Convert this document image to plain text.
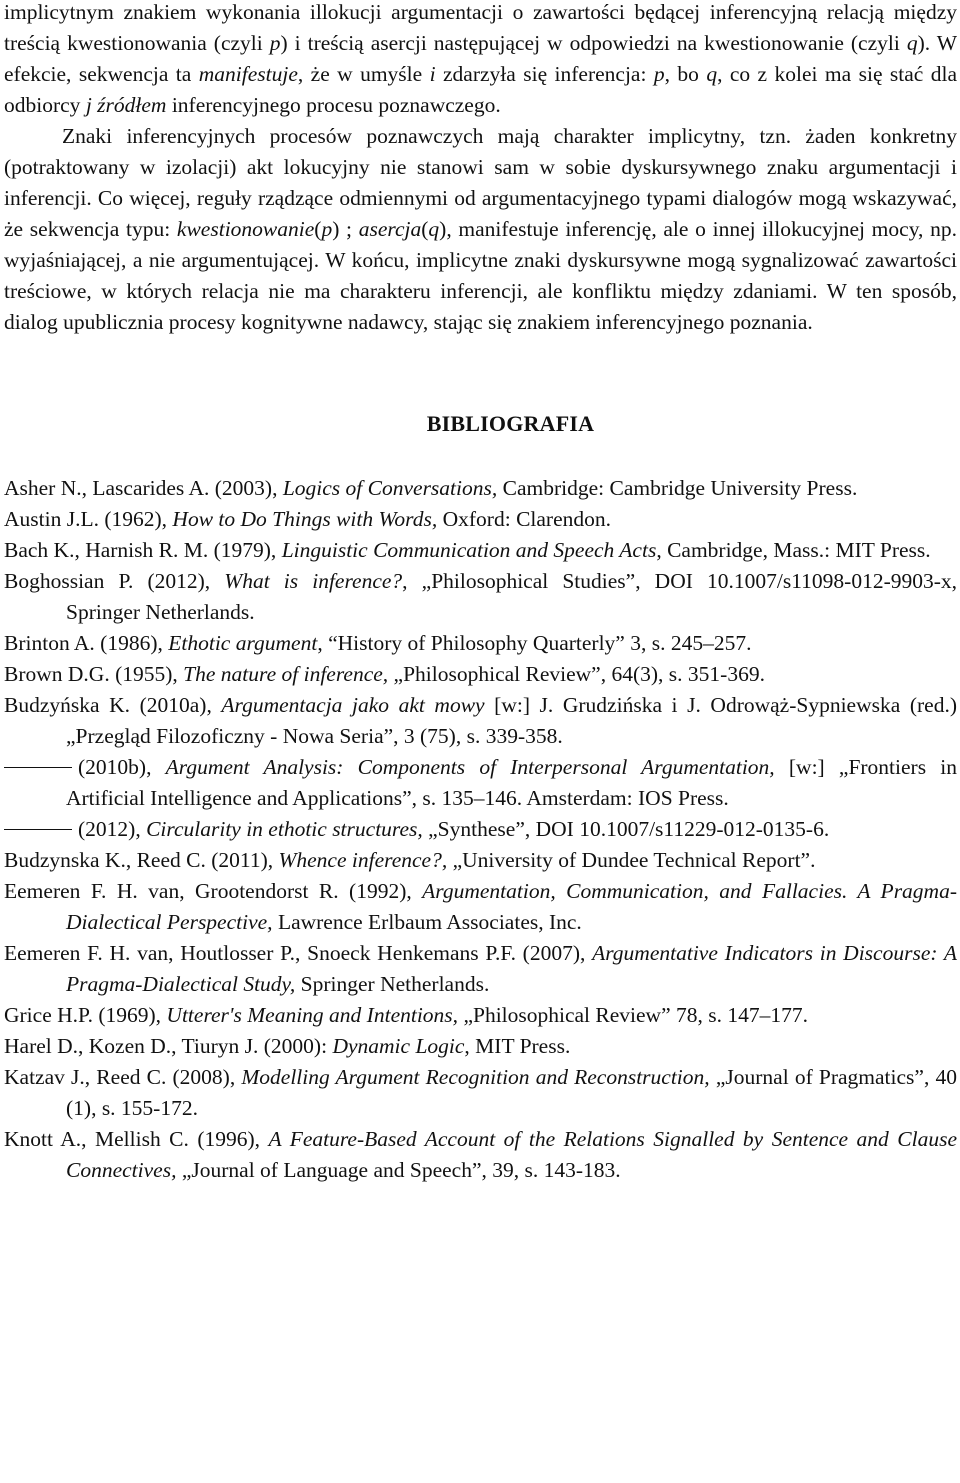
implicytnym znakiem wykonania illokucji argumentacji o zawartości będącej inferencyjną relacją między treścią kwestionowania (czyli p) i treścią asercji następującej w odpowiedzi na kwestionowanie (czyli q). W efekcie, sekwencja ta manifestuje, że w umyśle i zdarzyła się inferencja: p, bo q, co z kolei ma się stać dla odbiorcy j źródłem inferencyjnego procesu poznawczego.

Znaki inferencyjnych procesów poznawczych mają charakter implicytny, tzn. żaden konkretny (potraktowany w izolacji) akt lokucyjny nie stanowi sam w sobie dyskursywnego znaku argumentacji i inferencji. Co więcej, reguły rządzące odmiennymi od argumentacyjnego typami dialogów mogą wskazywać, że sekwencja typu: kwestionowanie(p) ; asercja(q), manifestuje inferencję, ale o innej illokucyjnej mocy, np. wyjaśniającej, a nie argumentującej. W końcu, implicytne znaki dyskursywne mogą sygnalizować zawartości treściowe, w których relacja nie ma charakteru inferencji, ale konfliktu między zdaniami. W ten sposób, dialog upublicznia procesy kognitywne nadawcy, stając się znakiem inferencyjnego poznania.

BIBLIOGRAFIA

Asher N., Lascarides A. (2003), Logics of Conversations, Cambridge: Cambridge University Press.

Austin J.L. (1962), How to Do Things with Words, Oxford: Clarendon.

Bach K., Harnish R. M. (1979), Linguistic Communication and Speech Acts, Cambridge, Mass.: MIT Press.

Boghossian P. (2012), What is inference?, „Philosophical Studies”, DOI 10.1007/s11098-012-9903-x, Springer Netherlands.

Brinton A. (1986), Ethotic argument, “History of Philosophy Quarterly” 3, s. 245–257.

Brown D.G. (1955), The nature of inference, „Philosophical Review”, 64(3), s. 351-369.

Budzyńska K. (2010a), Argumentacja jako akt mowy [w:] J. Grudzińska i J. Odrowąż-Sypniewska (red.) „Przegląd Filozoficzny - Nowa Seria”, 3 (75), s. 339-358.

(2010b), Argument Analysis: Components of Interpersonal Argumentation, [w:] „Frontiers in Artificial Intelligence and Applications”, s. 135–146. Amsterdam: IOS Press.

(2012), Circularity in ethotic structures, „Synthese”, DOI 10.1007/s11229-012-0135-6.

Budzynska K., Reed C. (2011), Whence inference?, „University of Dundee Technical Report”.

Eemeren F. H. van, Grootendorst R. (1992), Argumentation, Communication, and Fallacies. A Pragma-Dialectical Perspective, Lawrence Erlbaum Associates, Inc.

Eemeren F. H. van, Houtlosser P., Snoeck Henkemans P.F. (2007), Argumentative Indicators in Discourse: A Pragma-Dialectical Study, Springer Netherlands.

Grice H.P. (1969), Utterer's Meaning and Intentions, „Philosophical Review” 78, s. 147–177.

Harel D., Kozen D., Tiuryn J. (2000): Dynamic Logic, MIT Press.

Katzav J., Reed C. (2008), Modelling Argument Recognition and Reconstruction, „Journal of Pragmatics”, 40 (1), s. 155-172.

Knott A., Mellish C. (1996), A Feature-Based Account of the Relations Signalled by Sentence and Clause Connectives, „Journal of Language and Speech”, 39, s. 143-183.
